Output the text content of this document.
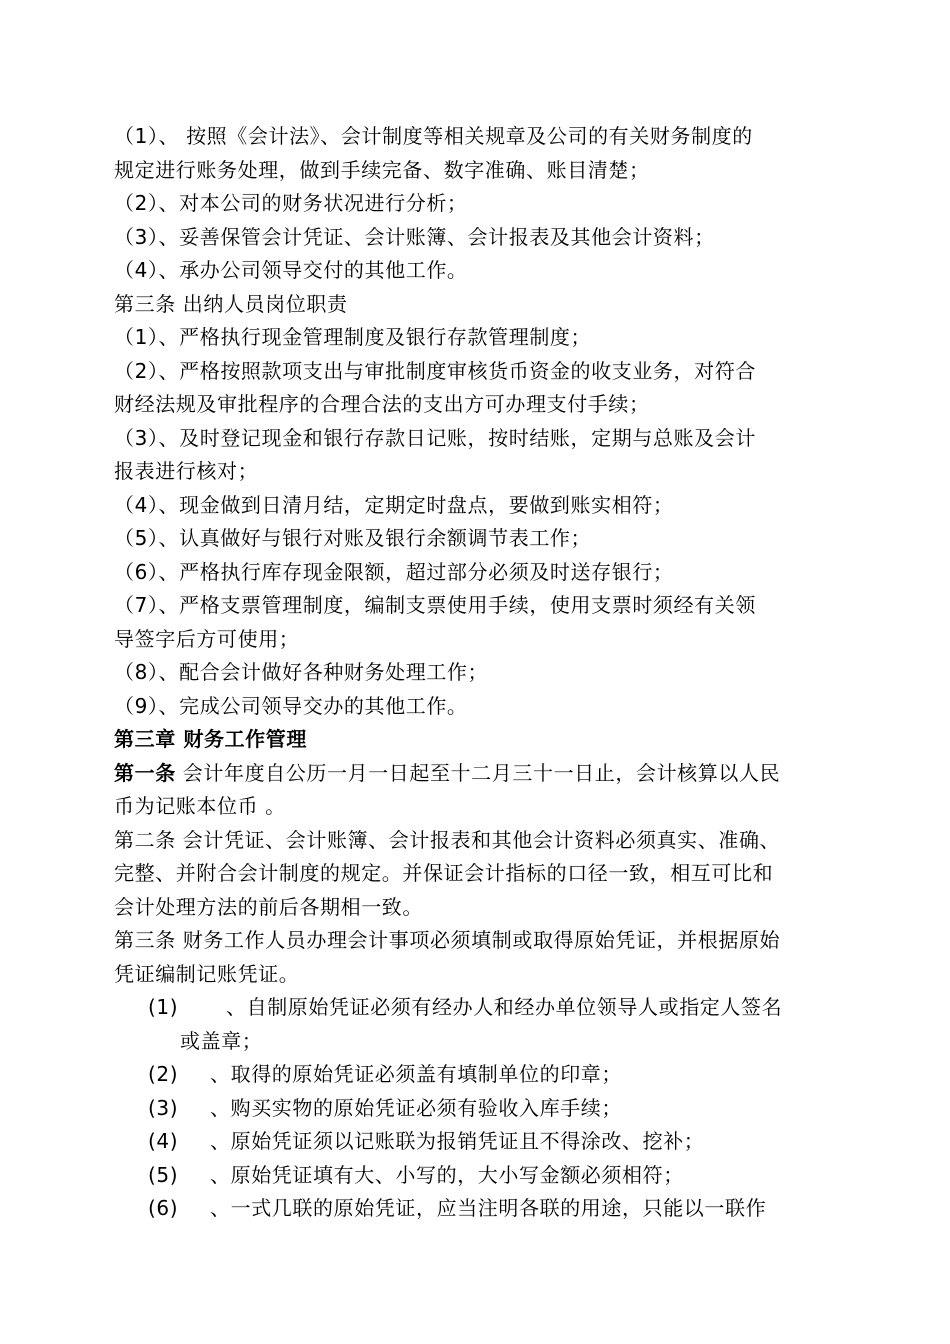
（1）、 按照《会计法》、会计制度等相关规章及公司的有关财务制度的
规定进行账务处理，做到手续完备、数字准确、账目清楚；
（2）、对本公司的财务状况进行分析；
（3）、妥善保管会计凭证、会计账簿、会计报表及其他会计资料；
（4）、承办公司领导交付的其他工作。
第三条 出纳人员岗位职责
（1）、严格执行现金管理制度及银行存款管理制度；
（2）、严格按照款项支出与审批制度审核货币资金的收支业务，对符合
财经法规及审批程序的合理合法的支出方可办理支付手续；
（3）、及时登记现金和银行存款日记账，按时结账，定期与总账及会计
报表进行核对；
（4）、现金做到日清月结，定期定时盘点，要做到账实相符；
（5）、认真做好与银行对账及银行余额调节表工作；
（6）、严格执行库存现金限额，超过部分必须及时送存银行；
（7）、严格支票管理制度，编制支票使用手续，使用支票时须经有关领
导签字后方可使用；
（8）、配合会计做好各种财务处理工作；
（9）、完成公司领导交办的其他工作。
第三章 财务工作管理
第一条 会计年度自公历一月一日起至十二月三十一日止，会计核算以人民
币为记账本位币 。
第二条 会计凭证、会计账簿、会计报表和其他会计资料必须真实、准确、
完整、并附合会计制度的规定。并保证会计指标的口径一致，相互可比和
会计处理方法的前后各期相一致。
第三条 财务工作人员办理会计事项必须填制或取得原始凭证，并根据原始
凭证编制记账凭证。
(1) 、自制原始凭证必须有经办人和经办单位领导人或指定人签名
或盖章；
(2) 、取得的原始凭证必须盖有填制单位的印章；
(3) 、购买实物的原始凭证必须有验收入库手续；
(4) 、原始凭证须以记账联为报销凭证且不得涂改、挖补；
(5) 、原始凭证填有大、小写的，大小写金额必须相符；
(6) 、一式几联的原始凭证，应当注明各联的用途，只能以一联作
